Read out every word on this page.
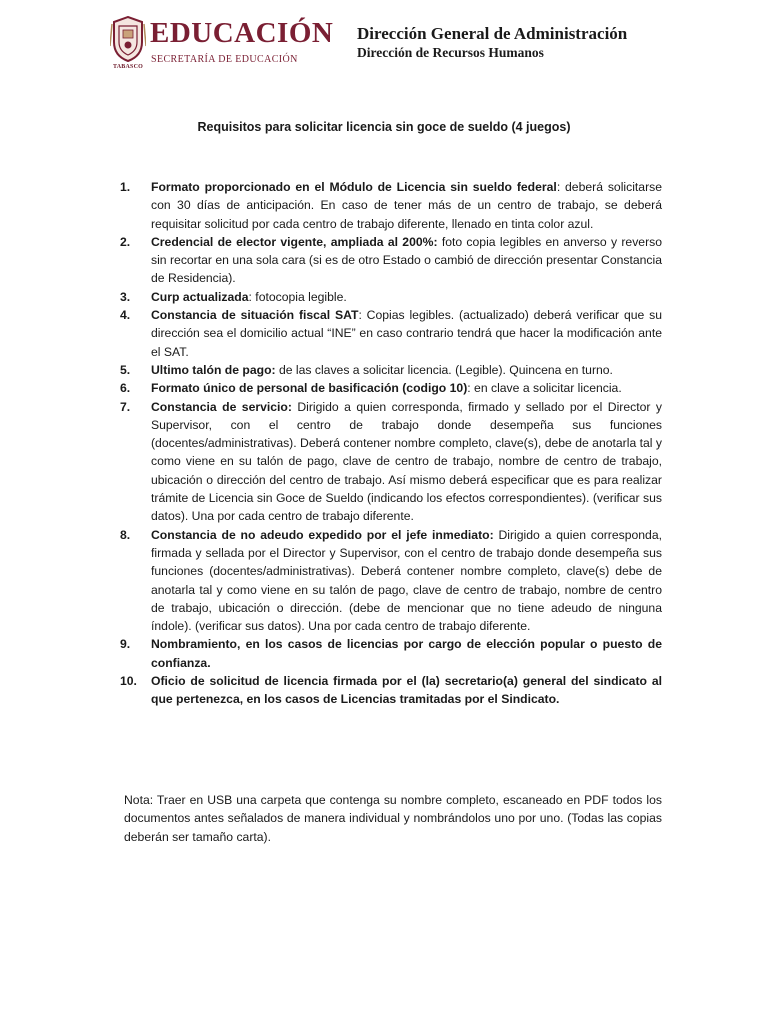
TABASCO
EDUCACIÓN
SECRETARÍA DE EDUCACIÓN
Dirección General de Administración
Dirección de Recursos Humanos
Requisitos para solicitar licencia sin goce de sueldo (4 juegos)
1. Formato proporcionado en el Módulo de Licencia sin sueldo federal: deberá solicitarse con 30 días de anticipación. En caso de tener más de un centro de trabajo, se deberá requisitar solicitud por cada centro de trabajo diferente, llenado en tinta color azul.
2. Credencial de elector vigente, ampliada al 200%: foto copia legibles en anverso y reverso sin recortar en una sola cara (si es de otro Estado o cambió de dirección presentar Constancia de Residencia).
3. Curp actualizada: fotocopia legible.
4. Constancia de situación fiscal SAT: Copias legibles. (actualizado) deberá verificar que su dirección sea el domicilio actual “INE” en caso contrario tendrá que hacer la modificación ante el SAT.
5. Ultimo talón de pago: de las claves a solicitar licencia. (Legible). Quincena en turno.
6. Formato único de personal de basificación (codigo 10): en clave a solicitar licencia.
7. Constancia de servicio: Dirigido a quien corresponda, firmado y sellado por el Director y Supervisor, con el centro de trabajo donde desempeña sus funciones (docentes/administrativas). Deberá contener nombre completo, clave(s), debe de anotarla tal y como viene en su talón de pago, clave de centro de trabajo, nombre de centro de trabajo, ubicación o dirección del centro de trabajo. Así mismo deberá especificar que es para realizar trámite de Licencia sin Goce de Sueldo (indicando los efectos correspondientes). (verificar sus datos). Una por cada centro de trabajo diferente.
8. Constancia de no adeudo expedido por el jefe inmediato: Dirigido a quien corresponda, firmada y sellada por el Director y Supervisor, con el centro de trabajo donde desempeña sus funciones (docentes/administrativas). Deberá contener nombre completo, clave(s) debe de anotarla tal y como viene en su talón de pago, clave de centro de trabajo, nombre de centro de trabajo, ubicación o dirección. (debe de mencionar que no tiene adeudo de ninguna índole). (verificar sus datos). Una por cada centro de trabajo diferente.
9. Nombramiento, en los casos de licencias por cargo de elección popular o puesto de confianza.
10. Oficio de solicitud de licencia firmada por el (la) secretario(a) general del sindicato al que pertenezca, en los casos de Licencias tramitadas por el Sindicato.
Nota: Traer en USB una carpeta que contenga su nombre completo, escaneado en PDF todos los documentos antes señalados de manera individual y nombrándolos uno por uno. (Todas las copias deberán ser tamaño carta).
